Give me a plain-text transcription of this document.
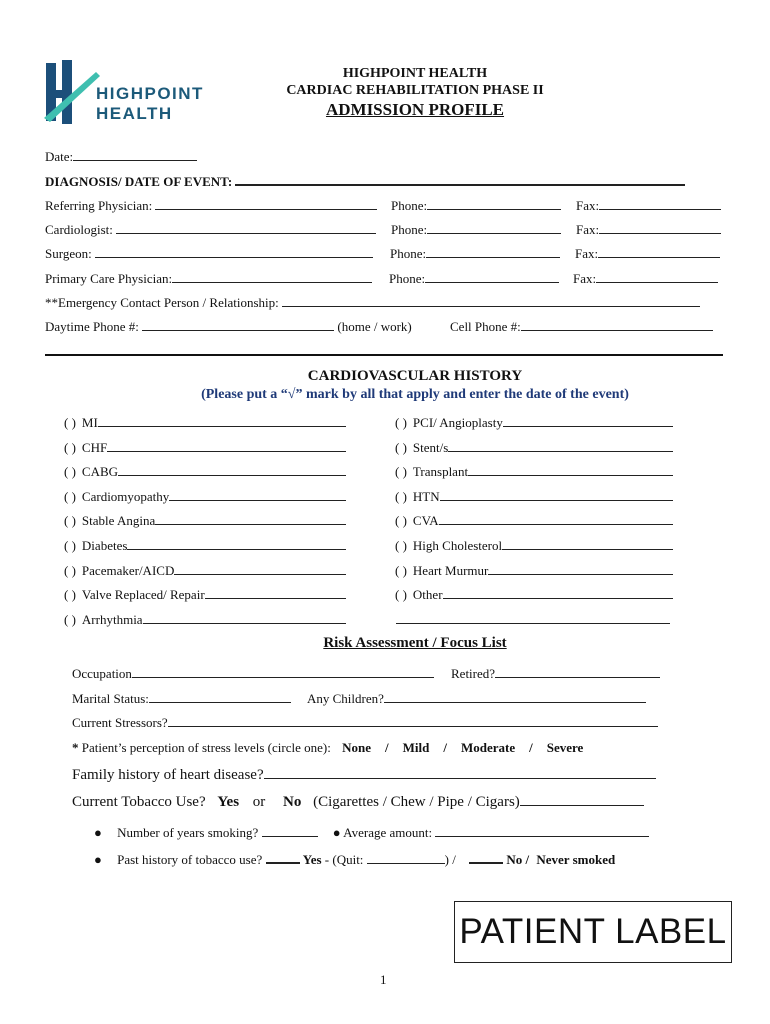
HIGHPOINT
HEALTH
HIGHPOINT HEALTH
CARDIAC REHABILITATION PHASE II
ADMISSION PROFILE
Date:
DIAGNOSIS/ DATE OF EVENT:
Referring Physician:	Phone:	Fax:
Cardiologist:	Phone:	Fax:
Surgeon:	Phone:	Fax:
Primary Care Physician:	Phone:	Fax:
**Emergency Contact Person / Relationship:
Daytime Phone #:	(home / work)	Cell Phone #:
CARDIOVASCULAR HISTORY
(Please put a “√” mark by all that apply and enter the date of the event)
( ) MI
( ) CHF
( ) CABG
( ) Cardiomyopathy
( ) Stable Angina
( ) Diabetes
( ) Pacemaker/AICD
( ) Valve Replaced/ Repair
( ) Arrhythmia
( ) PCI/ Angioplasty
( ) Stent/s
( ) Transplant
( ) HTN
( ) CVA
( ) High Cholesterol
( ) Heart Murmur
( ) Other
Risk Assessment / Focus List
Occupation	Retired?
Marital Status:	Any Children?
Current Stressors?
* Patient’s perception of stress levels (circle one): None / Mild / Moderate / Severe
Family history of heart disease?
Current Tobacco Use? Yes or No (Cigarettes / Chew / Pipe / Cigars)
● Number of years smoking?	● Average amount:
● Past history of tobacco use?	Yes - (Quit:	) /	No / Never smoked
PATIENT LABEL
1
